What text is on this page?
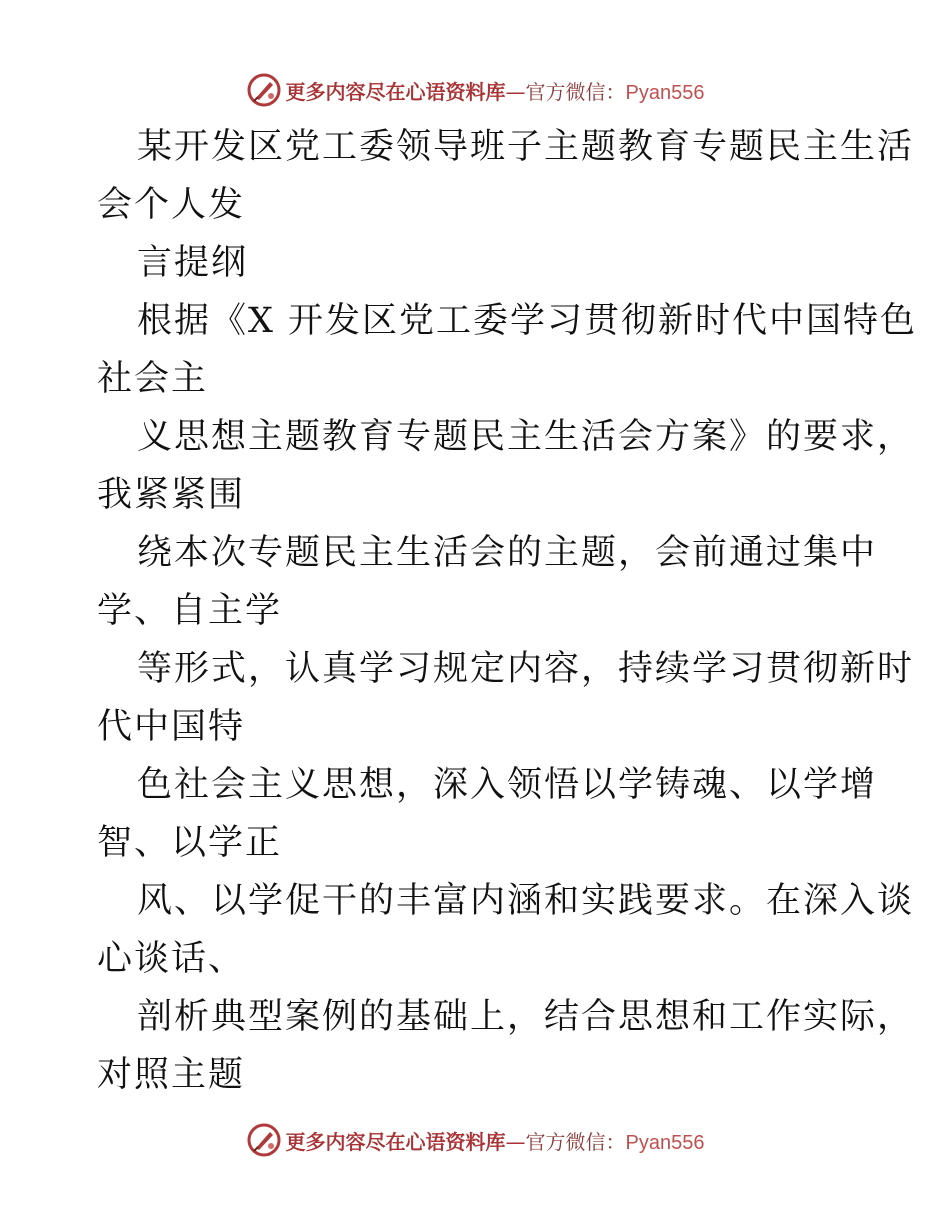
更多内容尽在心语资料库—官方微信：Pyan556
某开发区党工委领导班子主题教育专题民主生活
会个人发
言提纲
根据《X 开发区党工委学习贯彻新时代中国特色
社会主
义思想主题教育专题民主生活会方案》的要求，
我紧紧围
绕本次专题民主生活会的主题，会前通过集中
学、自主学
等形式，认真学习规定内容，持续学习贯彻新时
代中国特
色社会主义思想，深入领悟以学铸魂、以学增
智、以学正
风、以学促干的丰富内涵和实践要求。在深入谈
心谈话、
剖析典型案例的基础上，结合思想和工作实际，
对照主题
更多内容尽在心语资料库—官方微信：Pyan556
